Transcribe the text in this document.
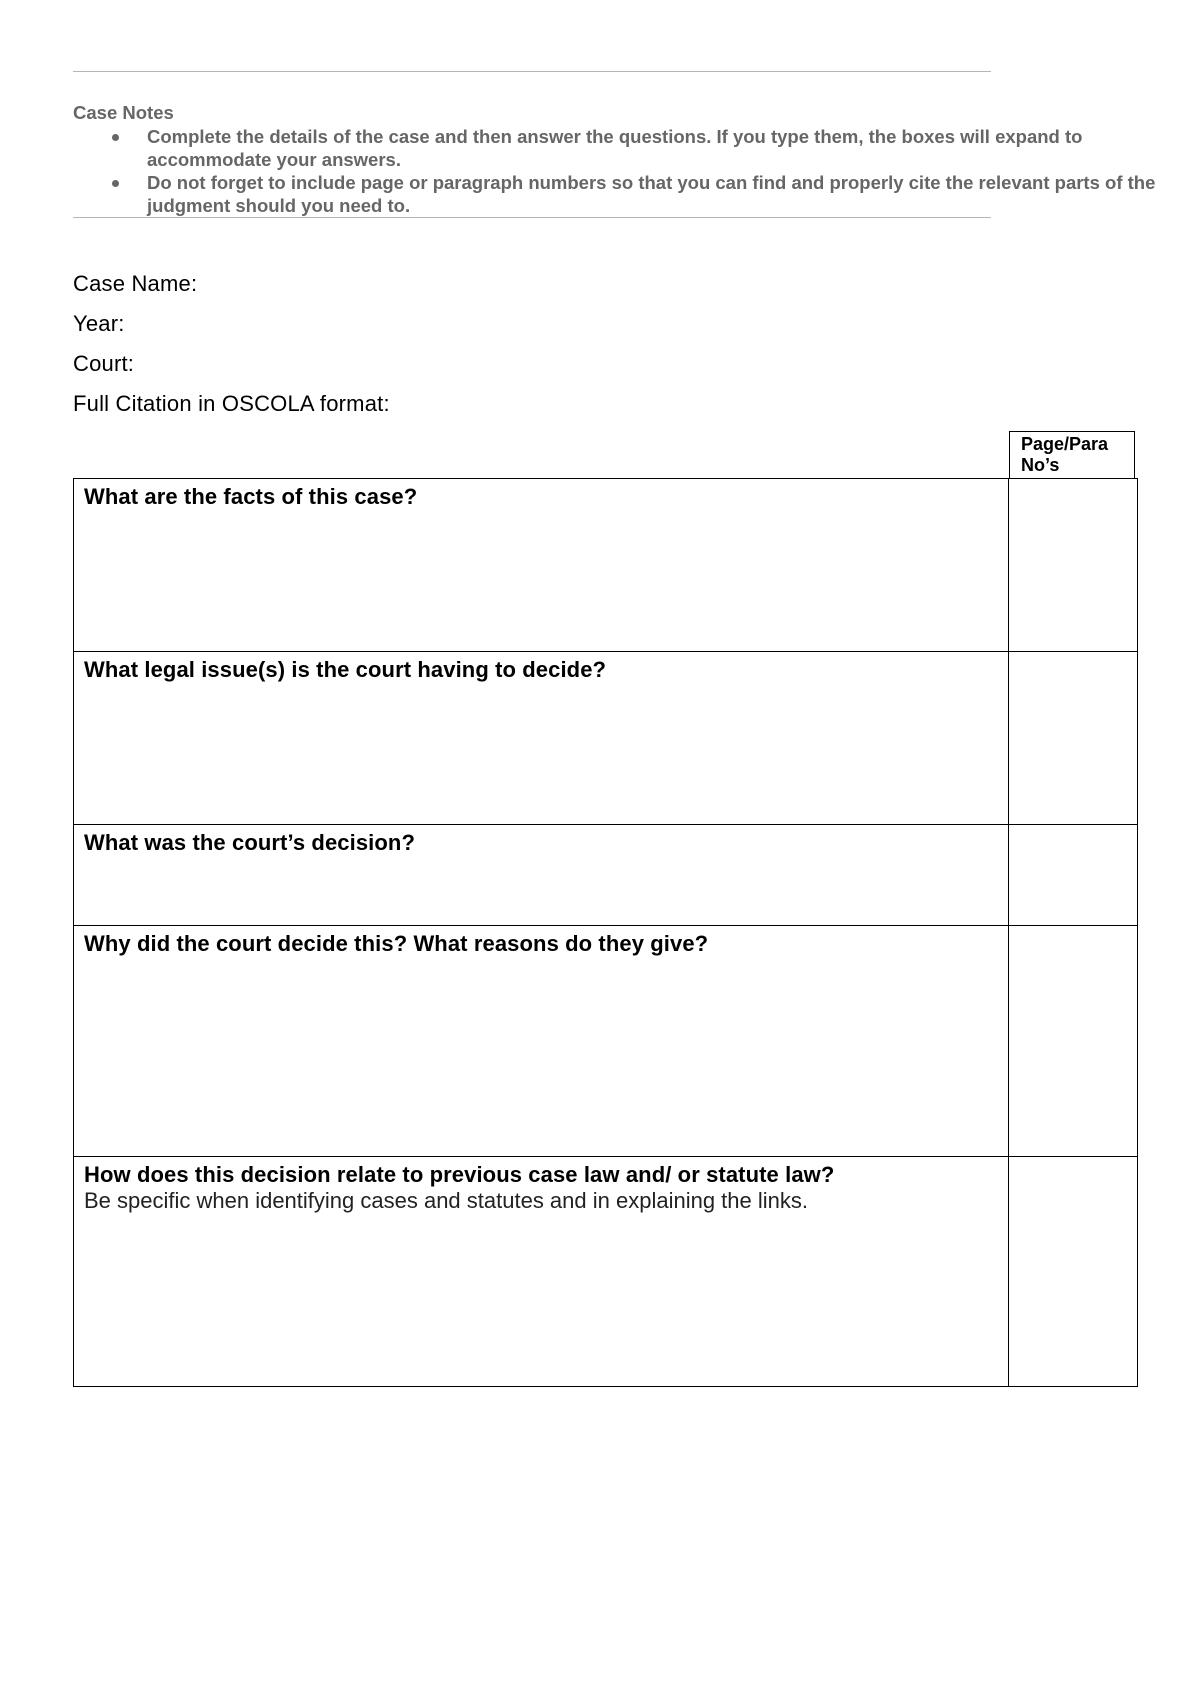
Case Notes
Complete the details of the case and then answer the questions. If you type them, the boxes will expand to accommodate your answers.
Do not forget to include page or paragraph numbers so that you can find and properly cite the relevant parts of the judgment should you need to.
Case Name:
Year:
Court:
Full Citation in OSCOLA format:
Page/Para No’s
What are the facts of this case?	

What legal issue(s) is the court having to decide?	

What was the court’s decision?	

Why did the court decide this? What reasons do they give?	

How does this decision relate to previous case law and/ or statute law?
Be specific when identifying cases and statutes and in explaining the links.	
